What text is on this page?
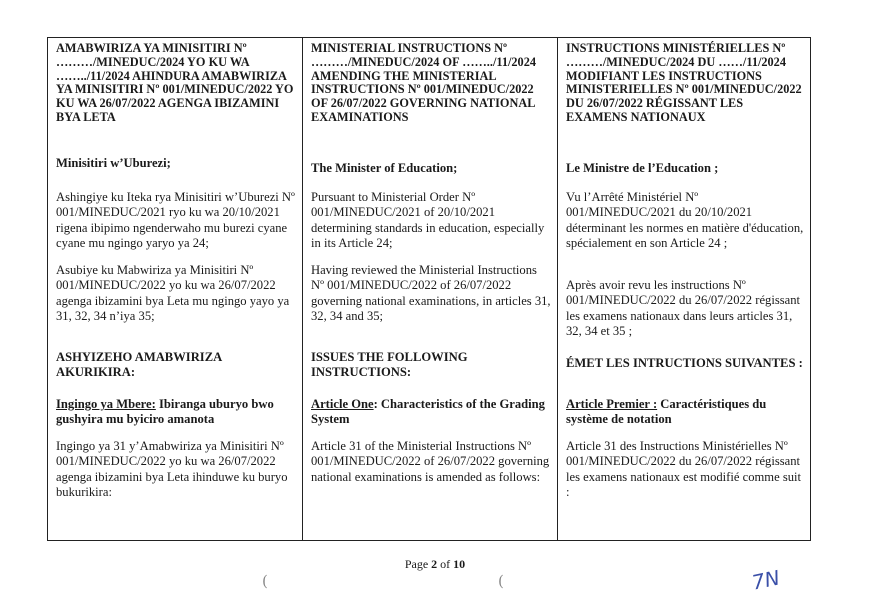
AMABWIRIZA YA MINISITIRI Nº ………/MINEDUC/2024 YO KU WA ……../11/2024 AHINDURA AMABWIRIZA YA MINISITIRI Nº 001/MINEDUC/2022 YO KU WA 26/07/2022 AGENGA IBIZAMINI BYA LETA

Minisitiri w’Uburezi;

Ashingiye ku Iteka rya Minisitiri w’Uburezi Nº 001/MINEDUC/2021 ryo ku wa 20/10/2021 rigena ibipimo ngenderwaho mu burezi cyane cyane mu ngingo yaryo ya 24;

Asubiye ku Mabwiriza ya Minisitiri Nº 001/MINEDUC/2022 yo ku wa 26/07/2022 agenga ibizamini bya Leta mu ngingo yayo ya 31, 32, 34 n’iya 35;

ASHYIZEHO AMABWIRIZA AKURIKIRA:

Ingingo ya Mbere: Ibiranga uburyo bwo gushyira mu byiciro amanota

Ingingo ya 31 y’Amabwiriza ya Minisitiri Nº 001/MINEDUC/2022 yo ku wa 26/07/2022 agenga ibizamini bya Leta ihinduwe ku buryo bukurikira:

MINISTERIAL INSTRUCTIONS Nº ………/MINEDUC/2024 OF ……../11/2024 AMENDING THE MINISTERIAL INSTRUCTIONS Nº 001/MINEDUC/2022 OF 26/07/2022 GOVERNING NATIONAL EXAMINATIONS

The Minister of Education;

Pursuant to Ministerial Order Nº 001/MINEDUC/2021 of 20/10/2021 determining standards in education, especially in its Article 24;

Having reviewed the Ministerial Instructions Nº 001/MINEDUC/2022 of 26/07/2022 governing national examinations, in articles 31, 32, 34 and 35;

ISSUES THE FOLLOWING INSTRUCTIONS:

Article One: Characteristics of the Grading System

Article 31 of the Ministerial Instructions Nº 001/MINEDUC/2022 of 26/07/2022 governing national examinations is amended as follows:

INSTRUCTIONS MINISTÉRIELLES Nº ………/MINEDUC/2024 DU ……/11/2024 MODIFIANT LES INSTRUCTIONS MINISTERIELLES Nº 001/MINEDUC/2022 DU 26/07/2022 RÉGISSANT LES EXAMENS NATIONAUX

Le Ministre de l’Education ;

Vu l’Arrêté Ministériel Nº 001/MINEDUC/2021 du 20/10/2021 déterminant les normes en matière d'éducation, spécialement en son Article 24 ;

Après avoir revu les instructions Nº 001/MINEDUC/2022 du 26/07/2022 régissant les examens nationaux dans leurs articles 31, 32, 34 et 35 ;

ÉMET LES INTRUCTIONS SUIVANTES :

Article Premier : Caractéristiques du système de notation

Article 31 des Instructions Ministérielles Nº 001/MINEDUC/2022 du 26/07/2022 régissant les examens nationaux est modifié comme suit :

Page 2 of 10
(	(	7N
